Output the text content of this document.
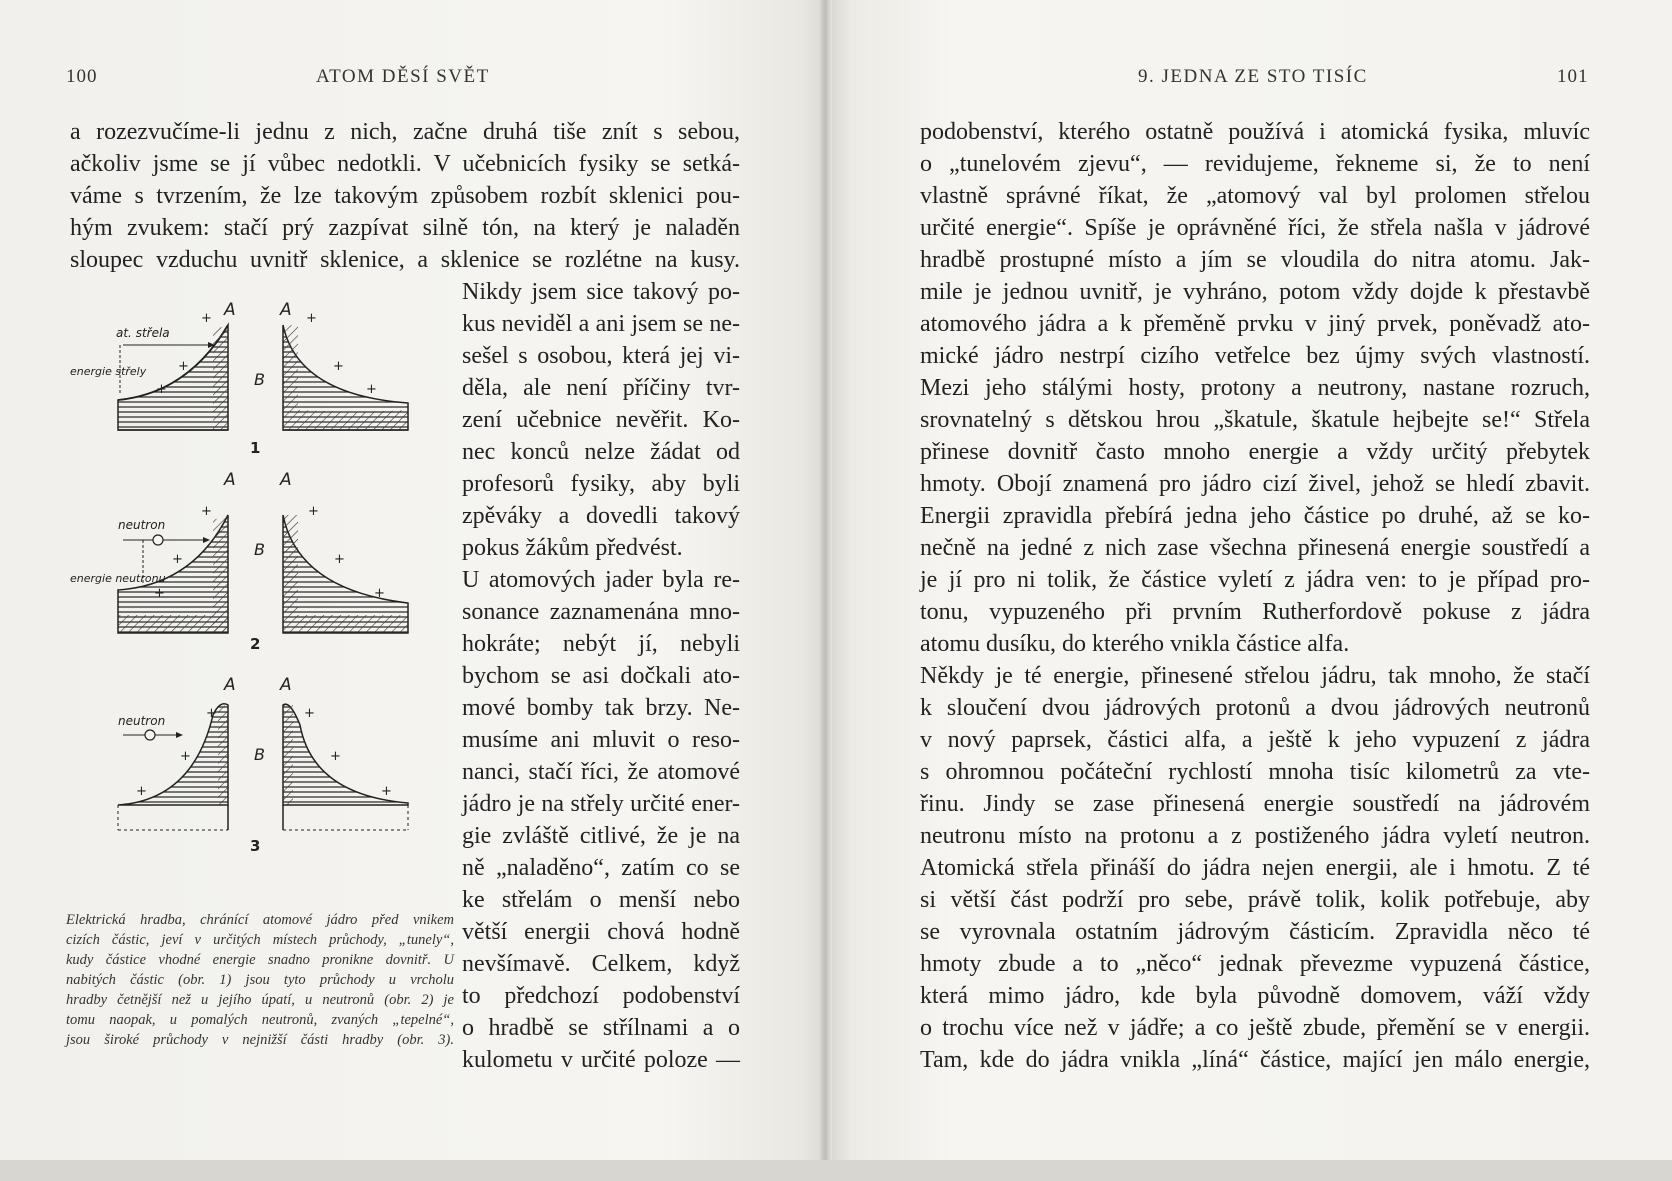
100	ATOM DĚSÍ SVĚT	9. JEDNA ZE STO TISÍC	101
a rozezvučíme-li jednu z nich, začne druhá tiše znít s sebou,
ačkoliv jsme se jí vůbec nedotkli. V učebnicích fysiky se setká-
váme s tvrzením, že lze takovým způsobem rozbít sklenici pou-
hým zvukem: stačí prý zazpívat silně tón, na který je naladěn
sloupec vzduchu uvnitř sklenice, a sklenice se rozlétne na kusy.
Nikdy jsem sice takový po-
kus neviděl a ani jsem se ne-
sešel s osobou, která jej vi-
děla, ale není příčiny tvr-
zení učebnice nevěřit. Ko-
nec konců nelze žádat od
profesorů fysiky, aby byli
zpěváky a dovedli takový
pokus žákům předvést.
U atomových jader byla re-
sonance zaznamenána mno-
hokráte; nebýt jí, nebyli
bychom se asi dočkali ato-
mové bomby tak brzy. Ne-
musíme ani mluvit o reso-
nanci, stačí říci, že atomové
jádro je na střely určité ener-
gie zvláště citlivé, že je na
ně „naladěno“, zatím co se
ke střelám o menší nebo
větší energii chová hodně
nevšímavě. Celkem, když
to předchozí podobenství
o hradbě se střílnami a o
kulometu v určité poloze —
A	A
B
at. střela
energie střely
1
+
+
+
+
+
+
A	A
B
neutron
energie neutronu
2
+
+
+
+
+
+
A	A
B
neutron
3
+
+
+
+
+
+
Elektrická hradba, chránící atomové jádro před vnikem
cizích částic, jeví v určitých místech průchody, „tunely“,
kudy částice vhodné energie snadno pronikne dovnitř. U
nabitých částic (obr. 1) jsou tyto průchody u vrcholu
hradby četnější než u jejího úpatí, u neutronů (obr. 2) je
tomu naopak, u pomalých neutronů, zvaných „tepelné“,
jsou široké průchody v nejnižší části hradby (obr. 3).
podobenství, kterého ostatně používá i atomická fysika, mluvíc
o „tunelovém zjevu“, — revidujeme, řekneme si, že to není
vlastně správné říkat, že „atomový val byl prolomen střelou
určité energie“. Spíše je oprávněné říci, že střela našla v jádrové
hradbě prostupné místo a jím se vloudila do nitra atomu. Jak-
mile je jednou uvnitř, je vyhráno, potom vždy dojde k přestavbě
atomového jádra a k přeměně prvku v jiný prvek, poněvadž ato-
mické jádro nestrpí cizího vetřelce bez újmy svých vlastností.
Mezi jeho stálými hosty, protony a neutrony, nastane rozruch,
srovnatelný s dětskou hrou „škatule, škatule hejbejte se!“ Střela
přinese dovnitř často mnoho energie a vždy určitý přebytek
hmoty. Obojí znamená pro jádro cizí živel, jehož se hledí zbavit.
Energii zpravidla přebírá jedna jeho částice po druhé, až se ko-
nečně na jedné z nich zase všechna přinesená energie soustředí a
je jí pro ni tolik, že částice vyletí z jádra ven: to je případ pro-
tonu, vypuzeného při prvním Rutherfordově pokuse z jádra
atomu dusíku, do kterého vnikla částice alfa.
Někdy je té energie, přinesené střelou jádru, tak mnoho, že stačí
k sloučení dvou jádrových protonů a dvou jádrových neutronů
v nový paprsek, částici alfa, a ještě k jeho vypuzení z jádra
s ohromnou počáteční rychlostí mnoha tisíc kilometrů za vte-
řinu. Jindy se zase přinesená energie soustředí na jádrovém
neutronu místo na protonu a z postiženého jádra vyletí neutron.
Atomická střela přináší do jádra nejen energii, ale i hmotu. Z té
si větší část podrží pro sebe, právě tolik, kolik potřebuje, aby
se vyrovnala ostatním jádrovým částicím. Zpravidla něco té
hmoty zbude a to „něco“ jednak převezme vypuzená částice,
která mimo jádro, kde byla původně domovem, váží vždy
o trochu více než v jádře; a co ještě zbude, přemění se v energii.
Tam, kde do jádra vnikla „líná“ částice, mající jen málo energie,
